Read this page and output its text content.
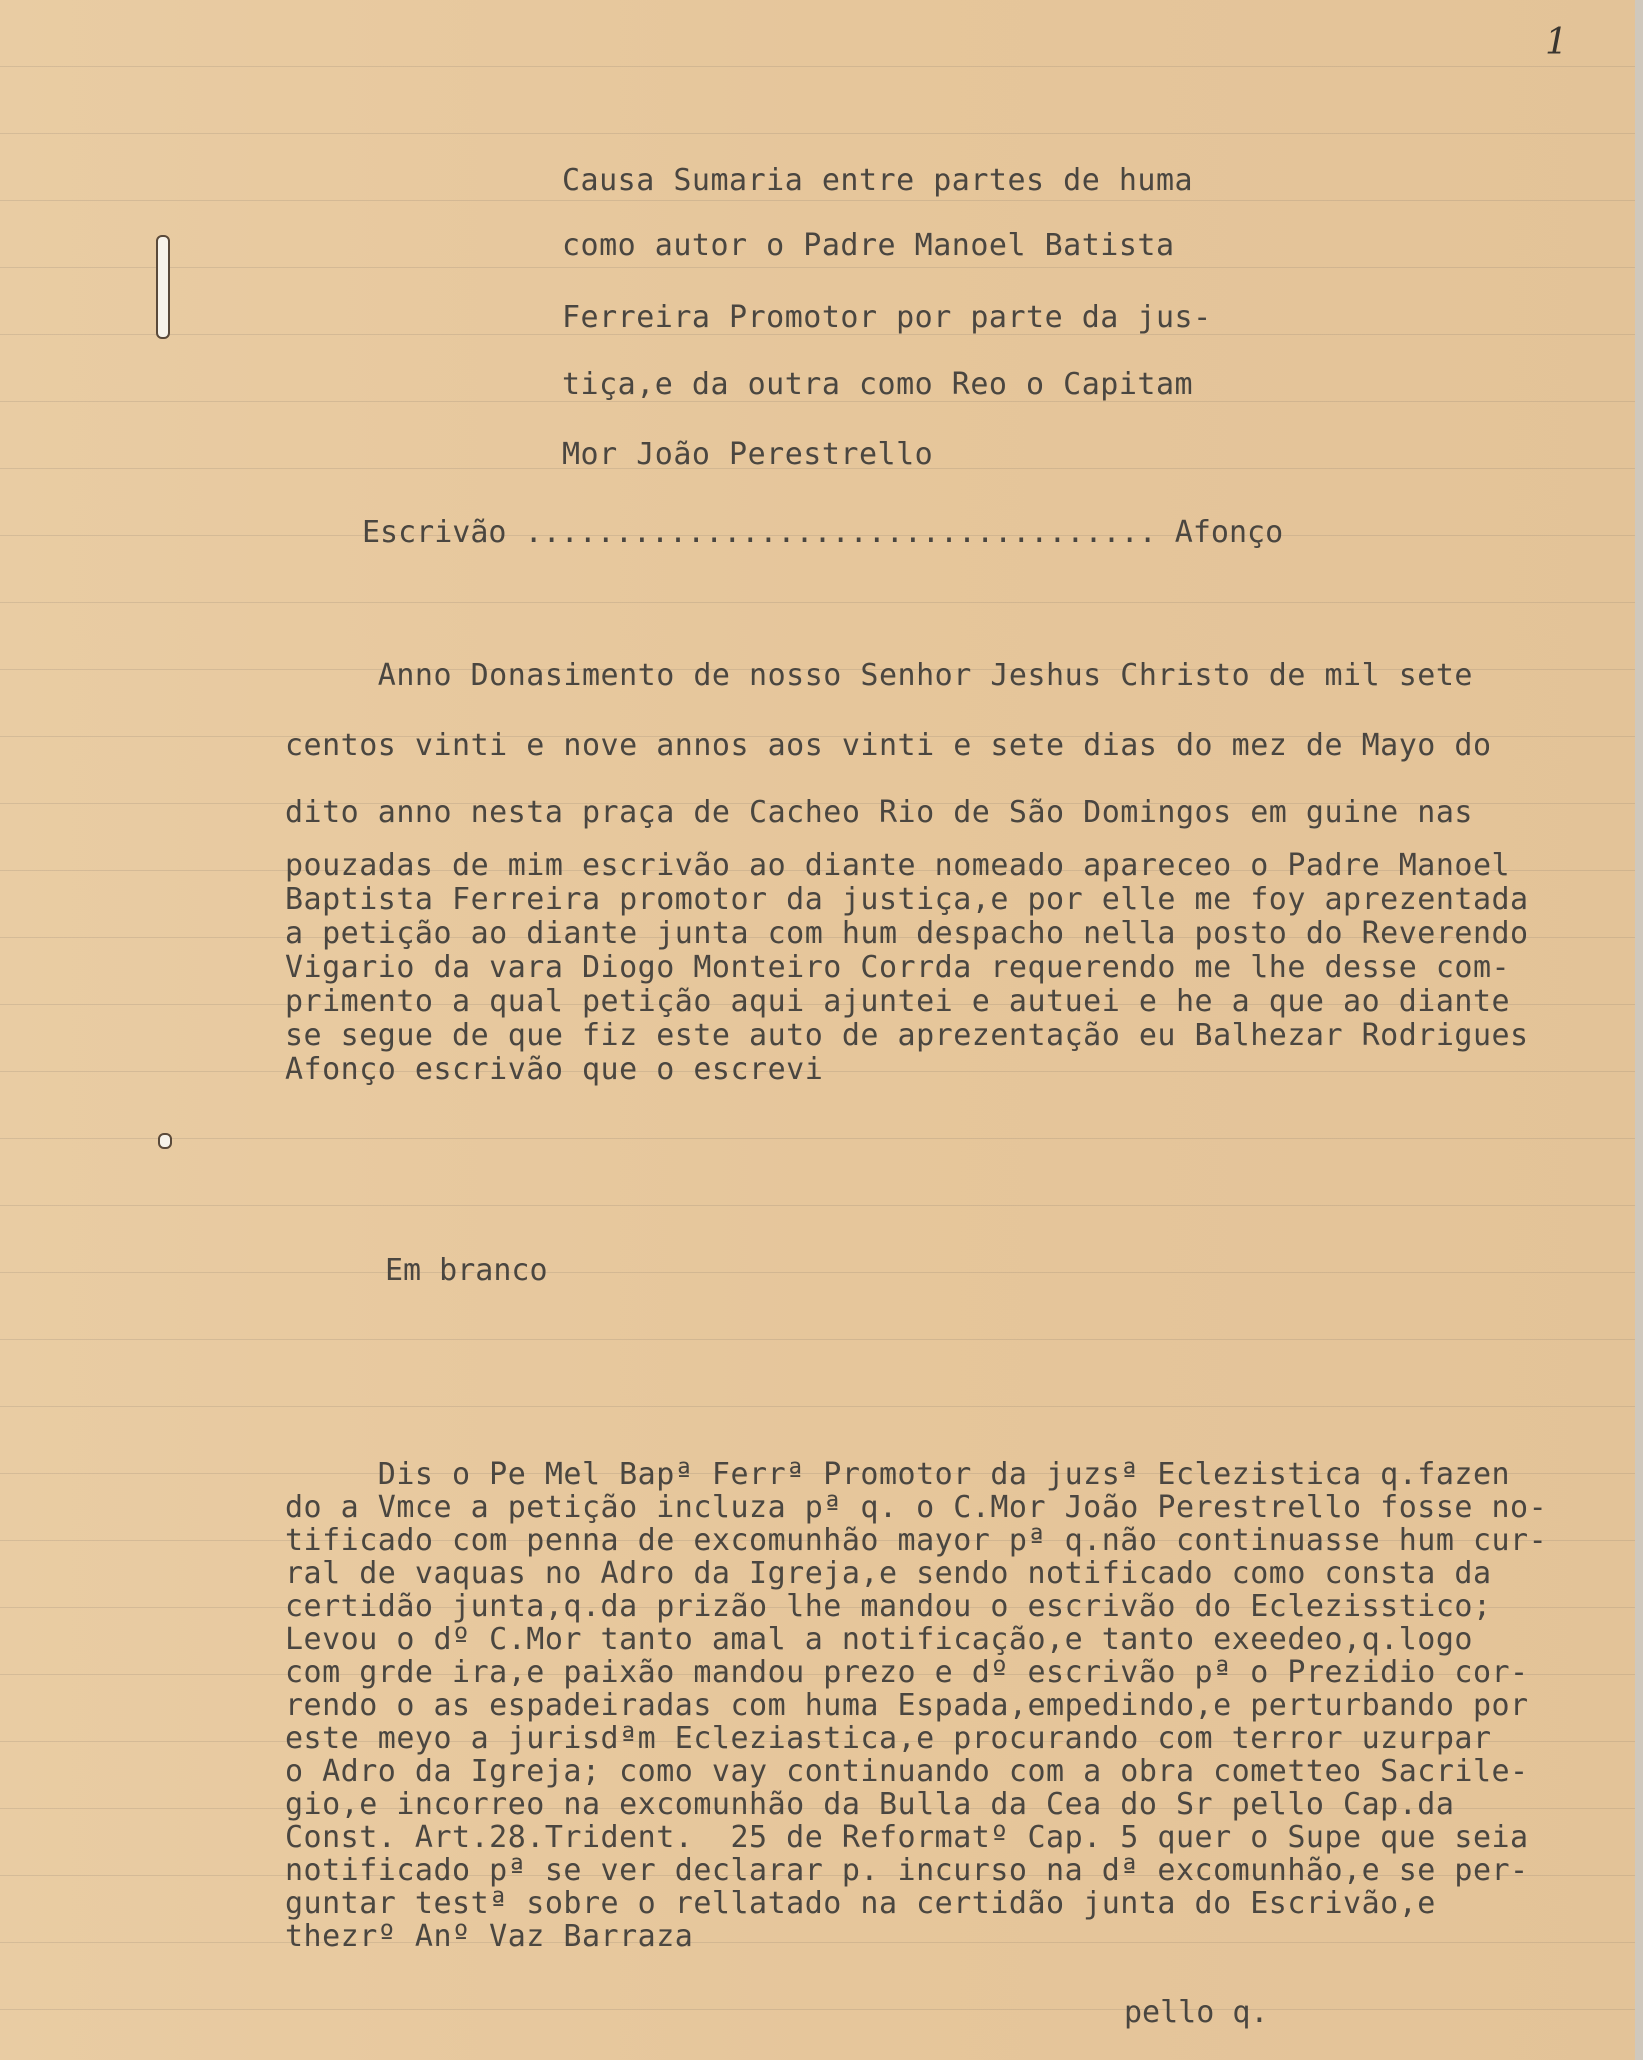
1
Causa Sumaria entre partes de huma
como autor o Padre Manoel Batista
Ferreira Promotor por parte da jus-
tiça,e da outra como Reo o Capitam
Mor João Perestrello
Escrivão ................................... Afonço
Anno Donasimento de nosso Senhor Jeshus Christo de mil sete
centos vinti e nove annos aos vinti e sete dias do mez de Mayo do
dito anno nesta praça de Cacheo Rio de São Domingos em guine nas
pouzadas de mim escrivão ao diante nomeado apareceo o Padre Manoel
Baptista Ferreira promotor da justiça,e por elle me foy aprezentada
a petição ao diante junta com hum despacho nella posto do Reverendo
Vigario da vara Diogo Monteiro Corrda requerendo me lhe desse com-
primento a qual petição aqui ajuntei e autuei e he a que ao diante
se segue de que fiz este auto de aprezentação eu Balhezar Rodrigues
Afonço escrivão que o escrevi
Em branco
Dis o Pe Mel Bapª Ferrª Promotor da juzsª Eclezistica q.fazen
do a Vmce a petição incluza pª q. o C.Mor João Perestrello fosse no-
tificado com penna de excomunhão mayor pª q.não continuasse hum cur-
ral de vaquas no Adro da Igreja,e sendo notificado como consta da
certidão junta,q.da prizão lhe mandou o escrivão do Eclezisstico;
Levou o dº C.Mor tanto amal a notificação,e tanto exeedeo,q.logo
com grde ira,e paixão mandou prezo e dº escrivão pª o Prezidio cor-
rendo o as espadeiradas com huma Espada,empedindo,e perturbando por
este meyo a jurisdªm Ecleziastica,e procurando com terror uzurpar
o Adro da Igreja; como vay continuando com a obra cometteo Sacrile-
gio,e incorreo na excomunhão da Bulla da Cea do Sr pello Cap.da
Const. Art.28.Trident.  25 de Reformatº Cap. 5 quer o Supe que seia
notificado pª se ver declarar p. incurso na dª excomunhão,e se per-
guntar testª sobre o rellatado na certidão junta do Escrivão,e
thezrº Anº Vaz Barraza
pello q.
